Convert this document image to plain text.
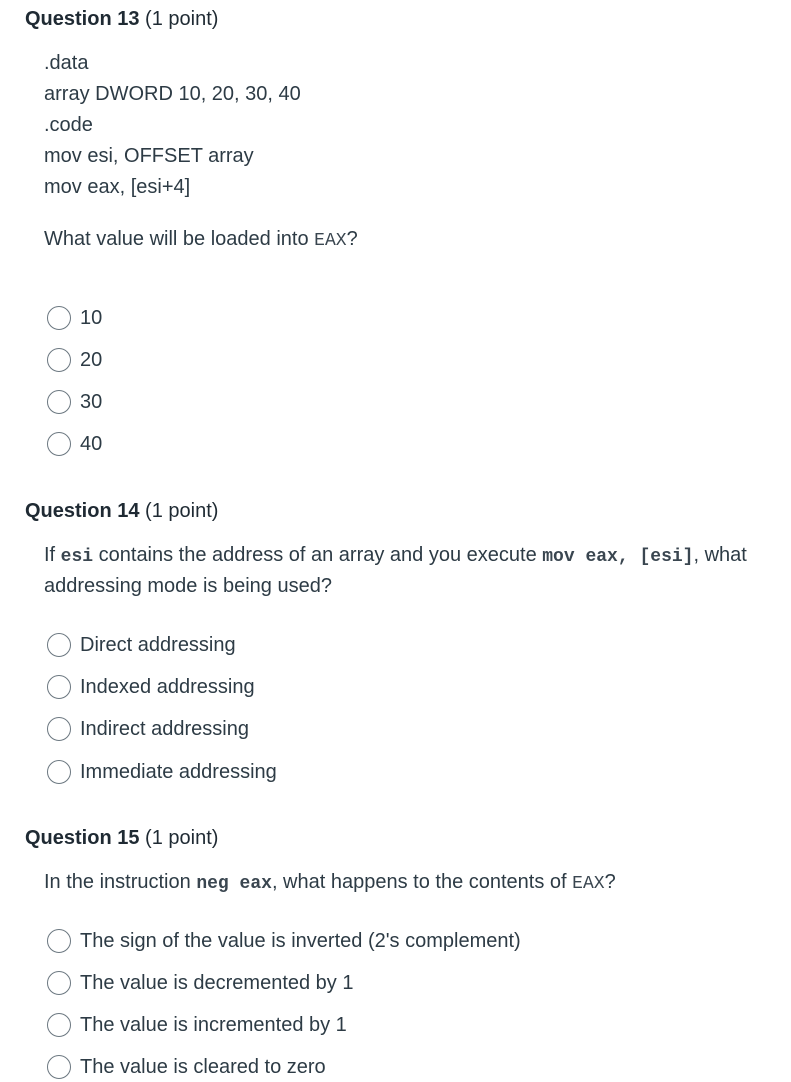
Question 13 (1 point)
.data
array DWORD 10, 20, 30, 40
.code
mov esi, OFFSET array
mov eax, [esi+4]
What value will be loaded into EAX?
10
20
30
40
Question 14 (1 point)
If esi contains the address of an array and you execute mov eax, [esi], what
addressing mode is being used?
Direct addressing
Indexed addressing
Indirect addressing
Immediate addressing
Question 15 (1 point)
In the instruction neg eax, what happens to the contents of EAX?
The sign of the value is inverted (2's complement)
The value is decremented by 1
The value is incremented by 1
The value is cleared to zero
